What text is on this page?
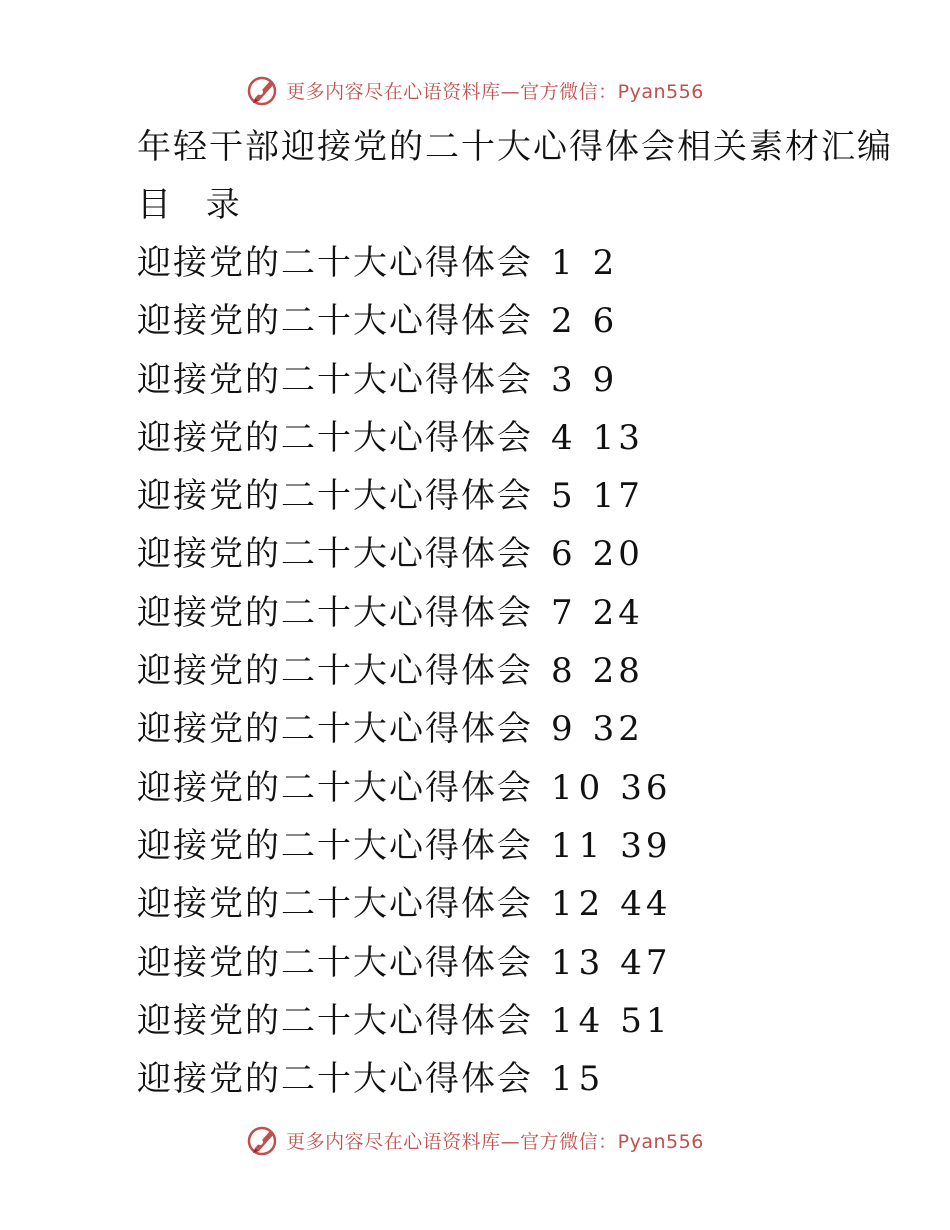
更多内容尽在心语资料库—官方微信：Pyan556
年轻干部迎接党的二十大心得体会相关素材汇编
目 录
迎接党的二十大心得体会 1 2
迎接党的二十大心得体会 2 6
迎接党的二十大心得体会 3 9
迎接党的二十大心得体会 4 13
迎接党的二十大心得体会 5 17
迎接党的二十大心得体会 6 20
迎接党的二十大心得体会 7 24
迎接党的二十大心得体会 8 28
迎接党的二十大心得体会 9 32
迎接党的二十大心得体会 10 36
迎接党的二十大心得体会 11 39
迎接党的二十大心得体会 12 44
迎接党的二十大心得体会 13 47
迎接党的二十大心得体会 14 51
迎接党的二十大心得体会 15
更多内容尽在心语资料库—官方微信：Pyan556
